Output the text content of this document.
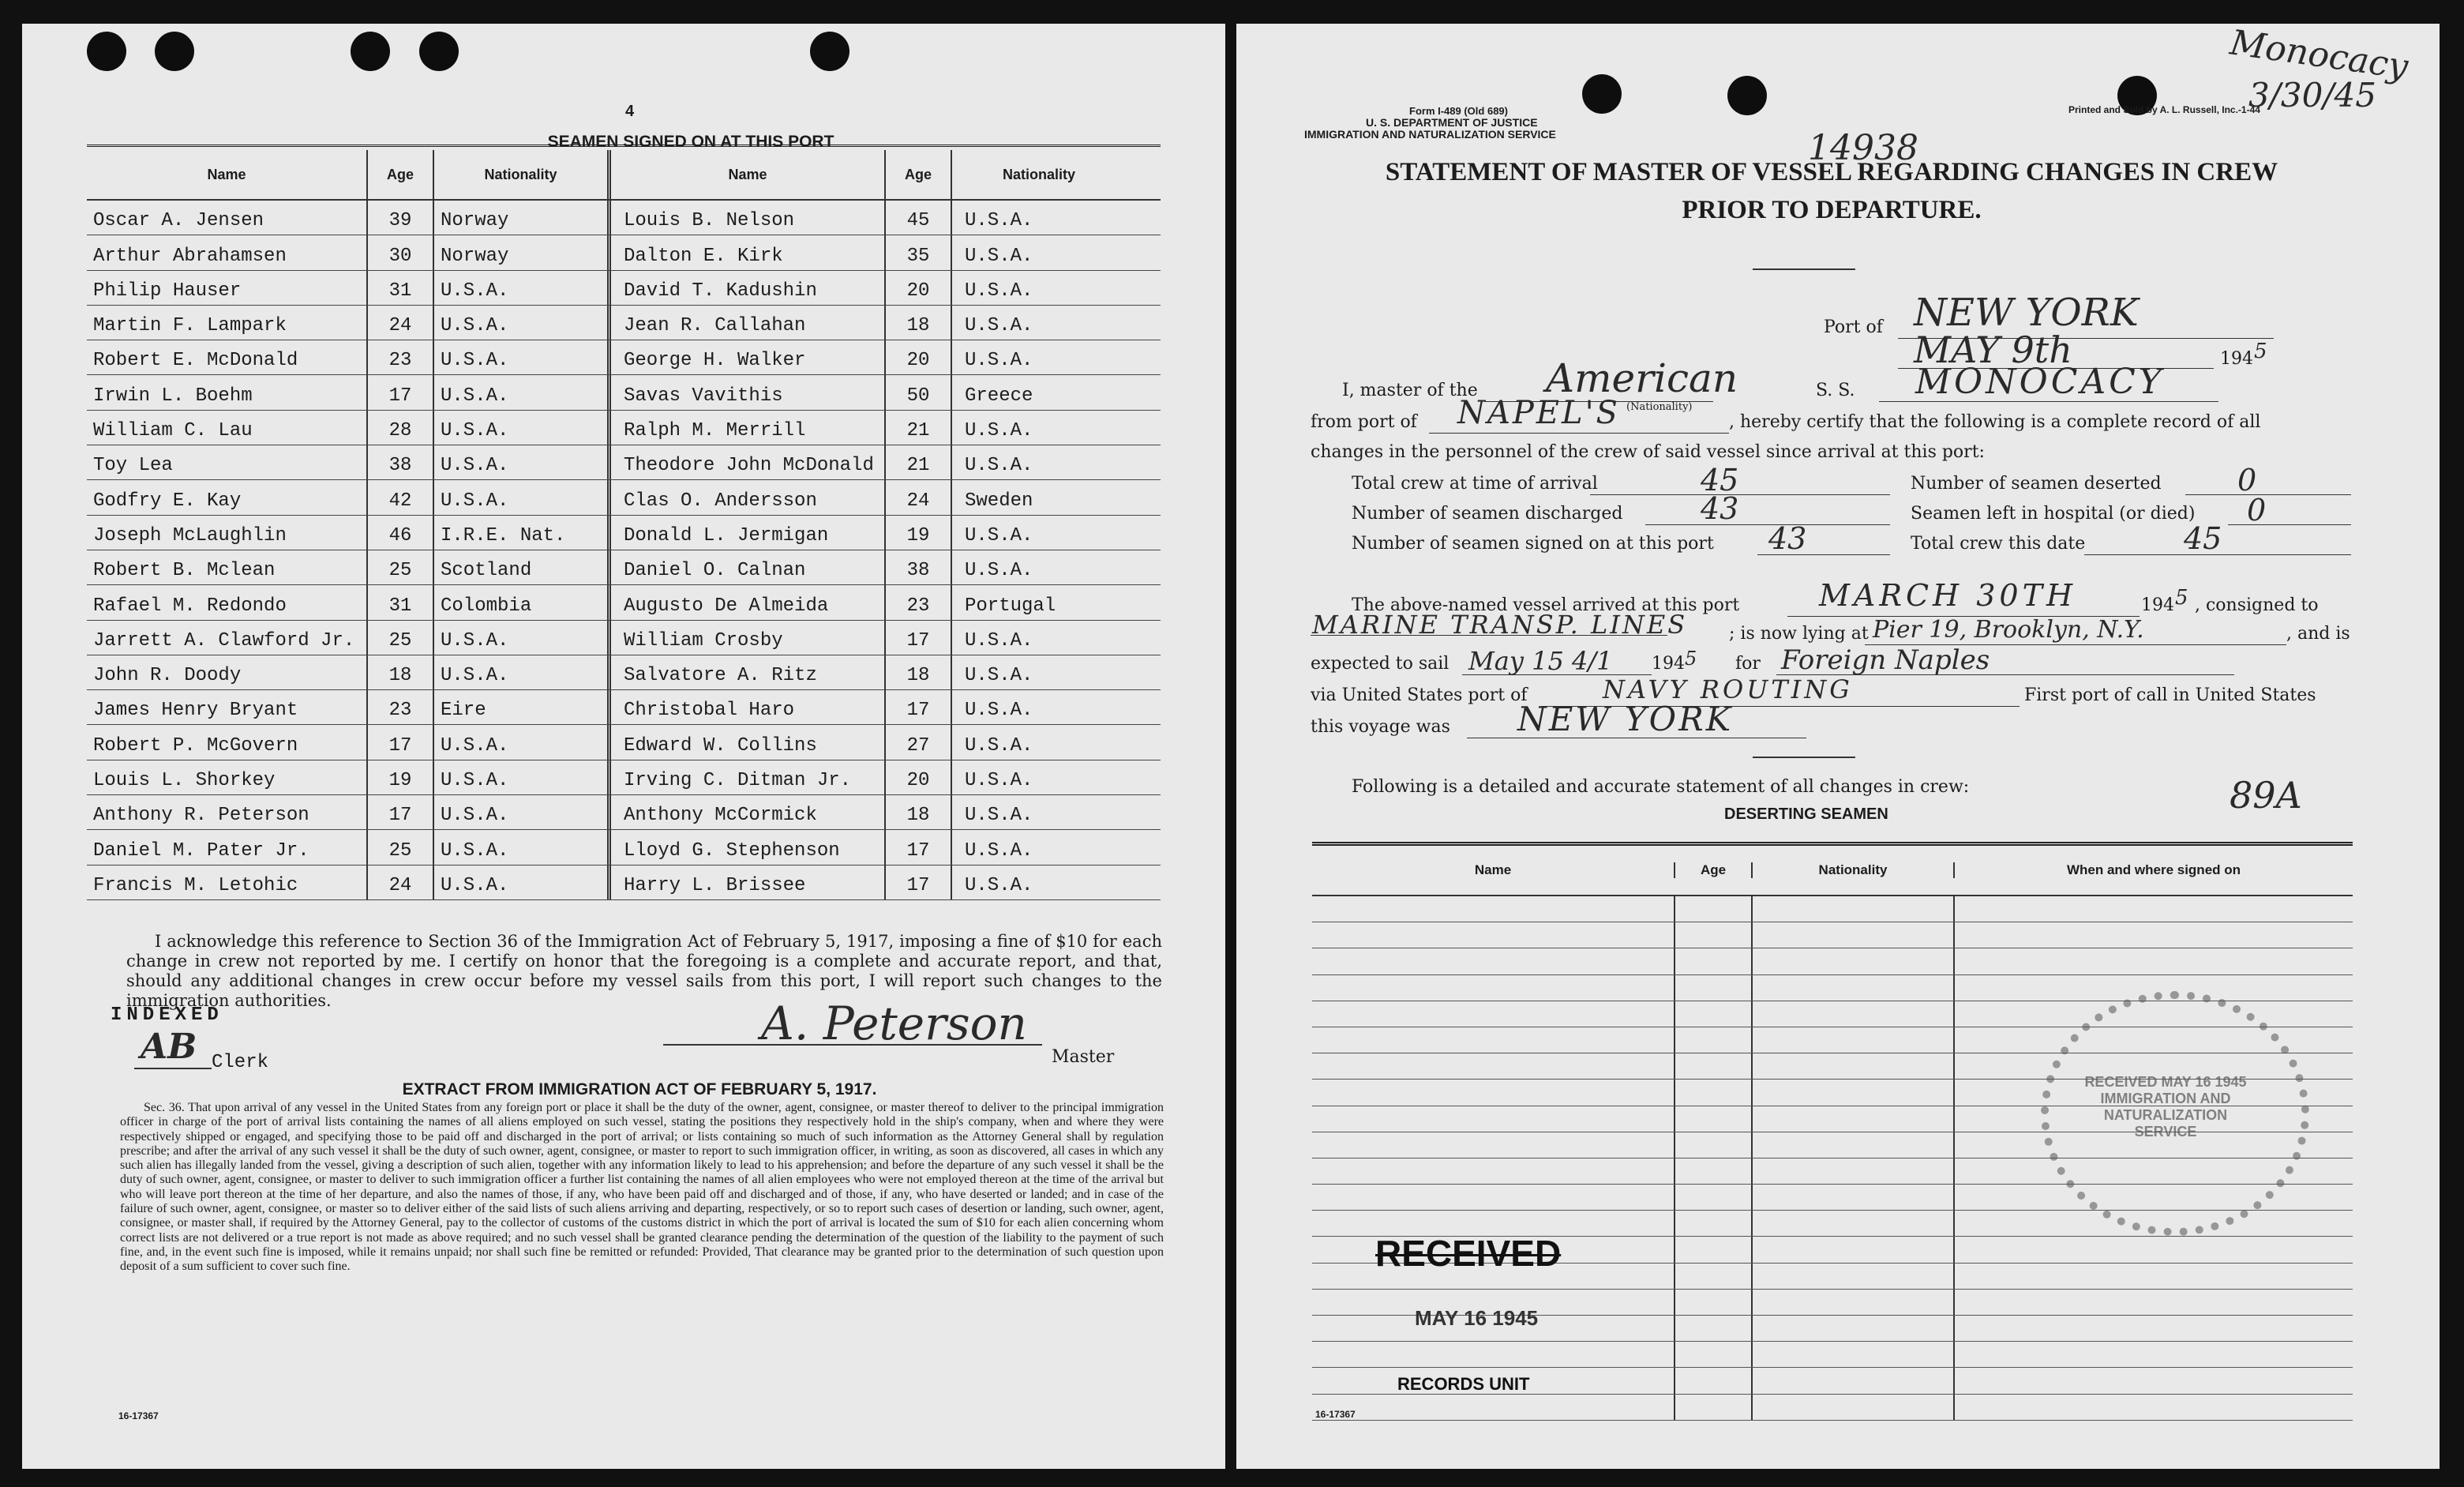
4
SEAMEN SIGNED ON AT THIS PORT
Name	Age	Nationality	Name	Age	Nationality
Oscar A. Jensen	39 Norway	Louis B. Nelson	45 U.S.A.
Arthur Abrahamsen	30 Norway	Dalton E. Kirk	35 U.S.A.
Philip Hauser	31 U.S.A.	David T. Kadushin	20 U.S.A.
Martin F. Lampark	24 U.S.A.	Jean R. Callahan	18 U.S.A.
Robert E. McDonald	23 U.S.A.	George H. Walker	20 U.S.A.
Irwin L. Boehm	17 U.S.A.	Savas Vavithis	50 Greece
William C. Lau	28 U.S.A.	Ralph M. Merrill	21 U.S.A.
Toy Lea	38 U.S.A.	Theodore John McDonald 21 U.S.A.
Godfry E. Kay	42 U.S.A.	Clas O. Andersson	24 Sweden
Joseph McLaughlin	46 I.R.E. Nat.	Donald L. Jermigan	19 U.S.A.
Robert B. Mclean	25 Scotland	Daniel O. Calnan	38 U.S.A.
Rafael M. Redondo	31 Colombia	Augusto De Almeida	23 Portugal
Jarrett A. Clawford Jr. 25 U.S.A.	William Crosby	17 U.S.A.
John R. Doody	18 U.S.A.	Salvatore A. Ritz	18 U.S.A.
James Henry Bryant	23 Eire	Christobal Haro	17 U.S.A.
Robert P. McGovern	17 U.S.A.	Edward W. Collins	27 U.S.A.
Louis L. Shorkey	19 U.S.A.	Irving C. Ditman Jr.	20 U.S.A.
Anthony R. Peterson	17 U.S.A.	Anthony McCormick	18 U.S.A.
Daniel M. Pater Jr.	25 U.S.A.	Lloyd G. Stephenson	17 U.S.A.
Francis M. Letohic	24 U.S.A.	Harry L. Brissee	17 U.S.A.
I acknowledge this reference to Section 36 of the Immigration Act of February 5, 1917, imposing a fine of $10 for each change in crew not reported by me. I certify on honor that the foregoing is a complete and accurate report, and that, should any additional changes in crew occur before my vessel sails from this port, I will report such changes to the immigration authorities.
INDEXED
AB Clerk
A. Peterson
Master
EXTRACT FROM IMMIGRATION ACT OF FEBRUARY 5, 1917.
Sec. 36. That upon arrival of any vessel in the United States from any foreign port or place it shall be the duty of the owner, agent, consignee, or master thereof to deliver to the principal immigration officer in charge of the port of arrival lists containing the names of all aliens employed on such vessel, stating the positions they respectively hold in the ship's company, when and where they were respectively shipped or engaged, and specifying those to be paid off and discharged in the port of arrival; or lists containing so much of such information as the Attorney General shall by regulation prescribe; and after the arrival of any such vessel it shall be the duty of such owner, agent, consignee, or master to report to such immigration officer, in writing, as soon as discovered, all cases in which any such alien has illegally landed from the vessel, giving a description of such alien, together with any information likely to lead to his apprehension; and before the departure of any such vessel it shall be the duty of such owner, agent, consignee, or master to deliver to such immigration officer a further list containing the names of all alien employees who were not employed thereon at the time of the arrival but who will leave port thereon at the time of her departure, and also the names of those, if any, who have been paid off and discharged and of those, if any, who have deserted or landed; and in case of the failure of such owner, agent, consignee, or master so to deliver either of the said lists of such aliens arriving and departing, respectively, or so to report such cases of desertion or landing, such owner, agent, consignee, or master shall, if required by the Attorney General, pay to the collector of customs of the customs district in which the port of arrival is located the sum of $10 for each alien concerning whom correct lists are not delivered or a true report is not made as above required; and no such vessel shall be granted clearance pending the determination of the question of the liability to the payment of such fine, and, in the event such fine is imposed, while it remains unpaid; nor shall such fine be remitted or refunded: Provided, That clearance may be granted prior to the determination of such question upon deposit of a sum sufficient to cover such fine.
16-17367
Form I-489 (Old 689)
U. S. DEPARTMENT OF JUSTICE
IMMIGRATION AND NATURALIZATION SERVICE
Printed and Sold by A. L. Russell, Inc.-1-44
Monocacy
3/30/45
14938
STATEMENT OF MASTER OF VESSEL REGARDING CHANGES IN CREW
PRIOR TO DEPARTURE.
Port of NEW YORK
MAY 9th	194 5
I, master of the American
(Nationality)
S. S. MONOCACY
from port of NAPEL'S	, hereby certify that the following is a complete record of all
changes in the personnel of the crew of said vessel since arrival at this port:
Total crew at time of arrival	45	Number of seamen deserted	0
Number of seamen discharged	43	Seamen left in hospital (or died) 0
Number of seamen signed on at this port 43	Total crew this date	45
The above-named vessel arrived at this port	MARCH 30TH	194 5 , consigned to
MARINE TRANSP. LINES ; is now lying at Pier 19, Brooklyn, N.Y.	, and is
expected to sail May 15 4/1 194 5 for Foreign Naples
via United States port of	NAVY ROUTING	First port of call in United States
this voyage was NEW YORK
Following is a detailed and accurate statement of all changes in crew:	89A
DESERTING SEAMEN
Name	Age	Nationality	When and where signed on
RECEIVED MAY 16 1945 IMMIGRATION AND NATURALIZATION SERVICE
RECEIVED
MAY 16 1945
RECORDS UNIT
16-17367
